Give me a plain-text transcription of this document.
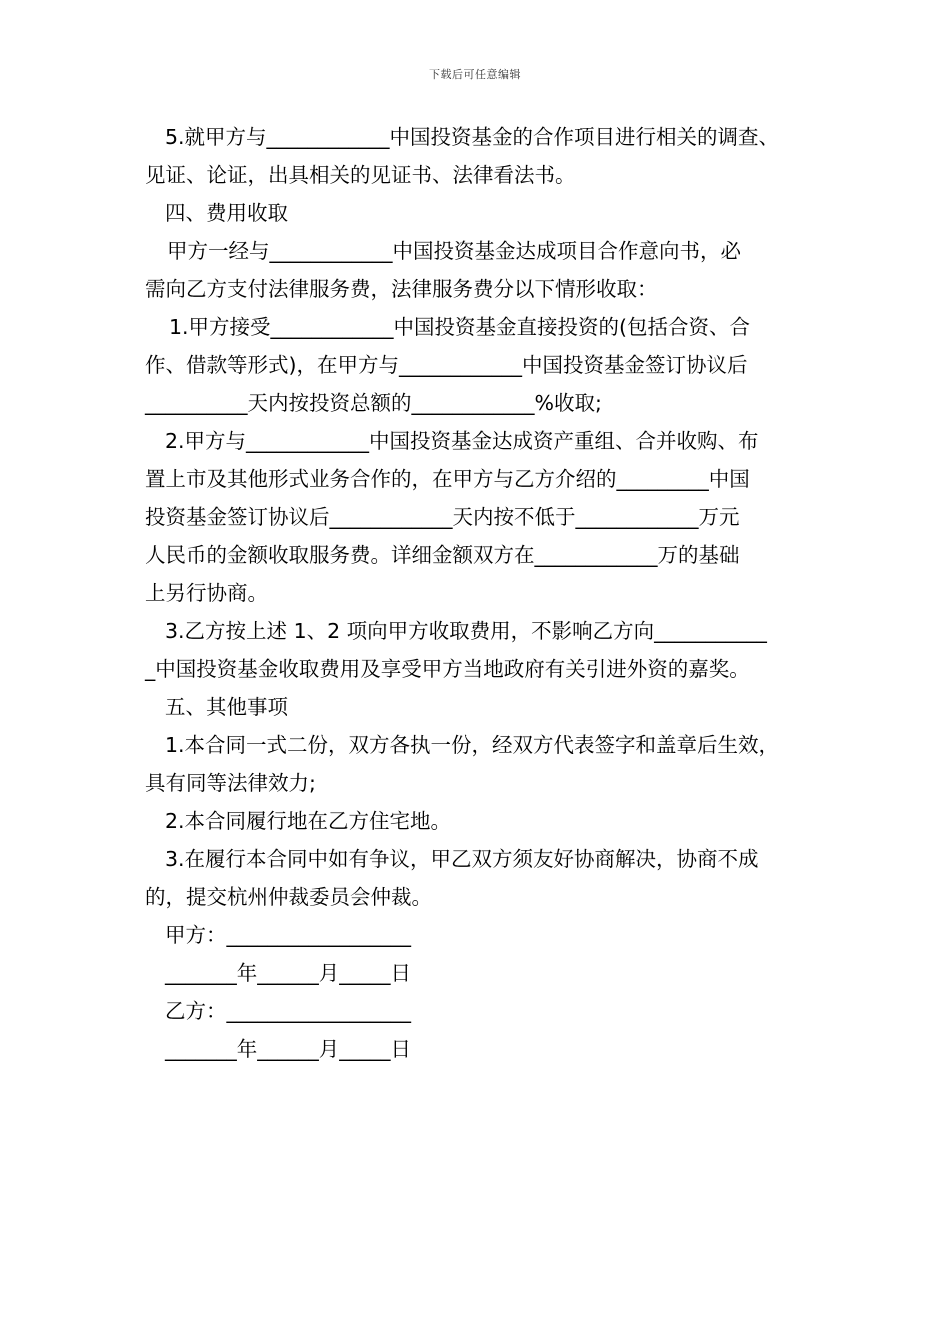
下载后可任意编辑
5.就甲方与____________中国投资基金的合作项目进行相关的调查、
见证、论证，出具相关的见证书、法律看法书。
四、费用收取
甲方一经与____________中国投资基金达成项目合作意向书，必
需向乙方支付法律服务费，法律服务费分以下情形收取：
1.甲方接受____________中国投资基金直接投资的(包括合资、合
作、借款等形式)，在甲方与____________中国投资基金签订协议后
__________天内按投资总额的____________%收取;
2.甲方与____________中国投资基金达成资产重组、合并收购、布
置上市及其他形式业务合作的，在甲方与乙方介绍的_________中国
投资基金签订协议后____________天内按不低于____________万元
人民币的金额收取服务费。详细金额双方在____________万的基础
上另行协商。
3.乙方按上述 1、2 项向甲方收取费用，不影响乙方向___________
_中国投资基金收取费用及享受甲方当地政府有关引进外资的嘉奖。
五、其他事项
1.本合同一式二份，双方各执一份，经双方代表签字和盖章后生效，
具有同等法律效力;
2.本合同履行地在乙方住宅地。
3.在履行本合同中如有争议，甲乙双方须友好协商解决，协商不成
的，提交杭州仲裁委员会仲裁。
甲方：__________________
_______年______月_____日
乙方：__________________
_______年______月_____日
